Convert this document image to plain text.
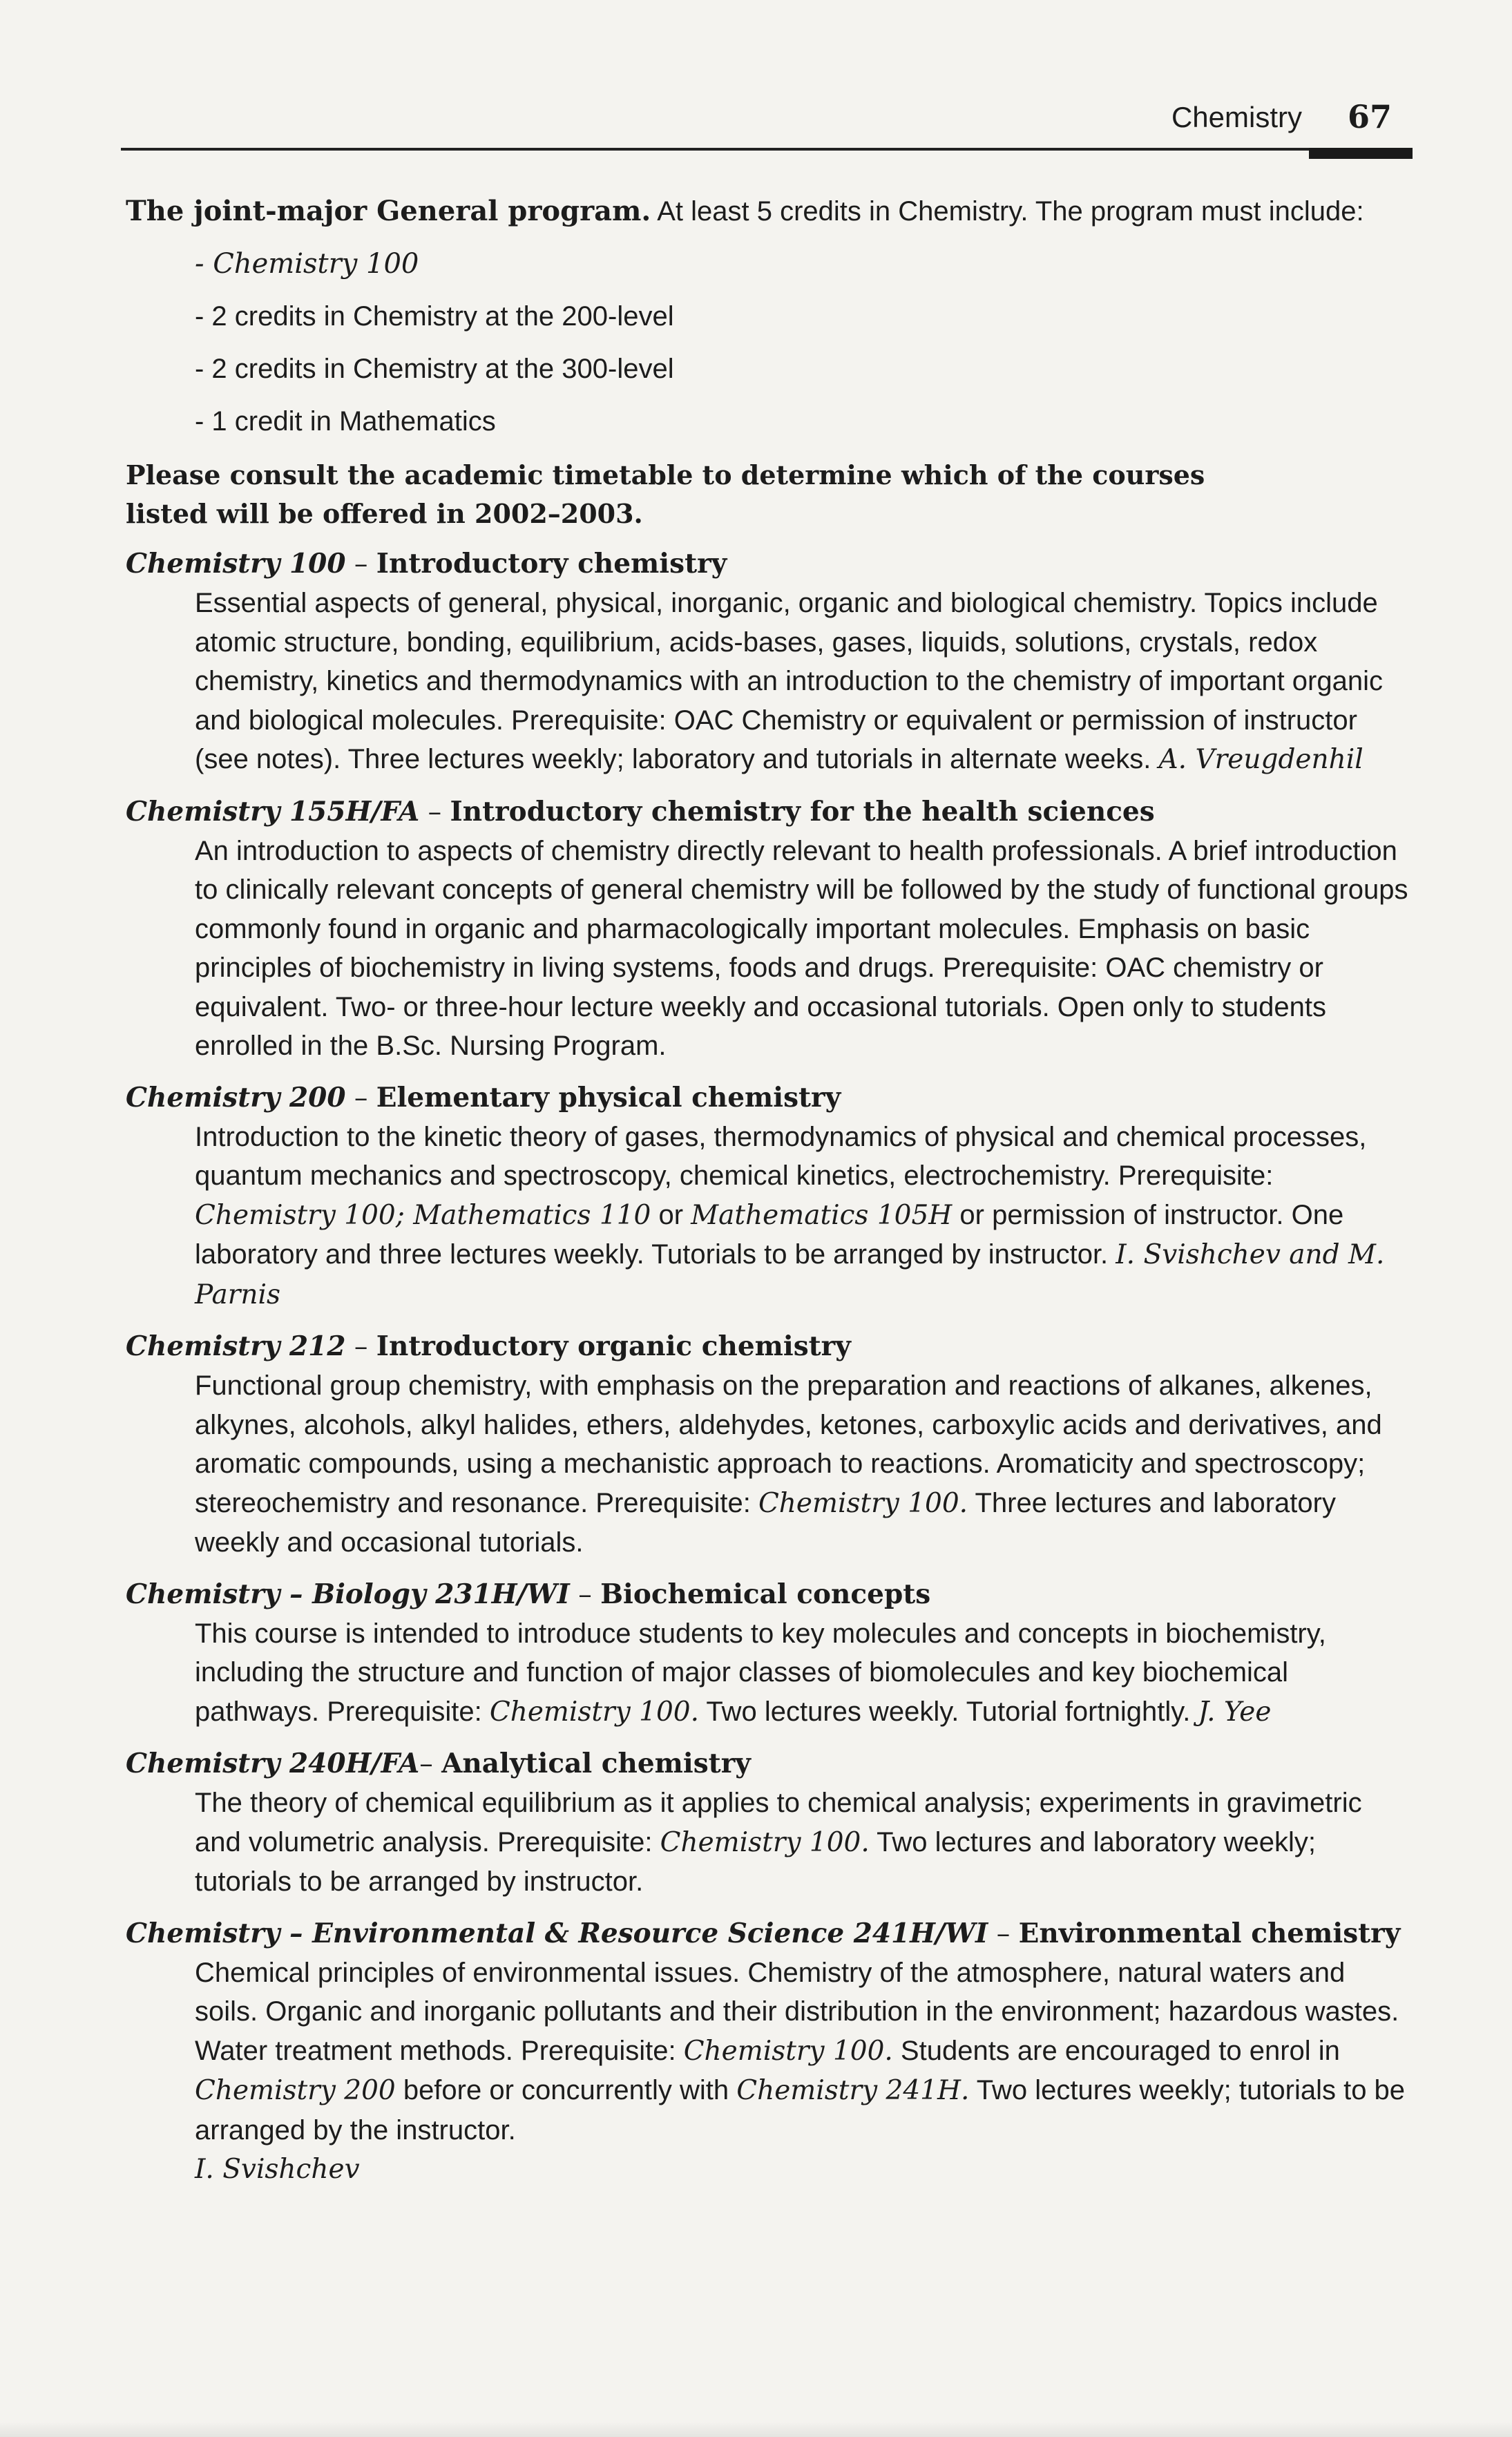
Chemistry 67

The joint-major General program. At least 5 credits in Chemistry. The program must include:

- Chemistry 100
- 2 credits in Chemistry at the 200-level
- 2 credits in Chemistry at the 300-level
- 1 credit in Mathematics

Please consult the academic timetable to determine which of the courses listed will be offered in 2002–2003.

Chemistry 100 – Introductory chemistry
Essential aspects of general, physical, inorganic, organic and biological chemistry. Topics include atomic structure, bonding, equilibrium, acids-bases, gases, liquids, solutions, crystals, redox chemistry, kinetics and thermodynamics with an introduction to the chemistry of important organic and biological molecules. Prerequisite: OAC Chemistry or equivalent or permission of instructor (see notes). Three lectures weekly; laboratory and tutorials in alternate weeks. A. Vreugdenhil
Chemistry 155H/FA – Introductory chemistry for the health sciences
An introduction to aspects of chemistry directly relevant to health professionals. A brief introduction to clinically relevant concepts of general chemistry will be followed by the study of functional groups commonly found in organic and pharmacologically important molecules. Emphasis on basic principles of biochemistry in living systems, foods and drugs. Prerequisite: OAC chemistry or equivalent. Two- or three-hour lecture weekly and occasional tutorials. Open only to students enrolled in the B.Sc. Nursing Program.
Chemistry 200 – Elementary physical chemistry
Introduction to the kinetic theory of gases, thermodynamics of physical and chemical processes, quantum mechanics and spectroscopy, chemical kinetics, electrochemistry. Prerequisite: Chemistry 100; Mathematics 110 or Mathematics 105H or permission of instructor. One laboratory and three lectures weekly. Tutorials to be arranged by instructor. I. Svishchev and M. Parnis
Chemistry 212 – Introductory organic chemistry
Functional group chemistry, with emphasis on the preparation and reactions of alkanes, alkenes, alkynes, alcohols, alkyl halides, ethers, aldehydes, ketones, carboxylic acids and derivatives, and aromatic compounds, using a mechanistic approach to reactions. Aromaticity and spectroscopy; stereochemistry and resonance. Prerequisite: Chemistry 100. Three lectures and laboratory weekly and occasional tutorials.
Chemistry – Biology 231H/WI – Biochemical concepts
This course is intended to introduce students to key molecules and concepts in biochemistry, including the structure and function of major classes of biomolecules and key biochemical pathways. Prerequisite: Chemistry 100. Two lectures weekly. Tutorial fortnightly. J. Yee
Chemistry 240H/FA– Analytical chemistry
The theory of chemical equilibrium as it applies to chemical analysis; experiments in gravimetric and volumetric analysis. Prerequisite: Chemistry 100. Two lectures and laboratory weekly; tutorials to be arranged by instructor.
Chemistry – Environmental & Resource Science 241H/WI – Environmental chemistry
Chemical principles of environmental issues. Chemistry of the atmosphere, natural waters and soils. Organic and inorganic pollutants and their distribution in the environment; hazardous wastes. Water treatment methods. Prerequisite: Chemistry 100. Students are encouraged to enrol in Chemistry 200 before or concurrently with Chemistry 241H. Two lectures weekly; tutorials to be arranged by the instructor.
I. Svishchev
